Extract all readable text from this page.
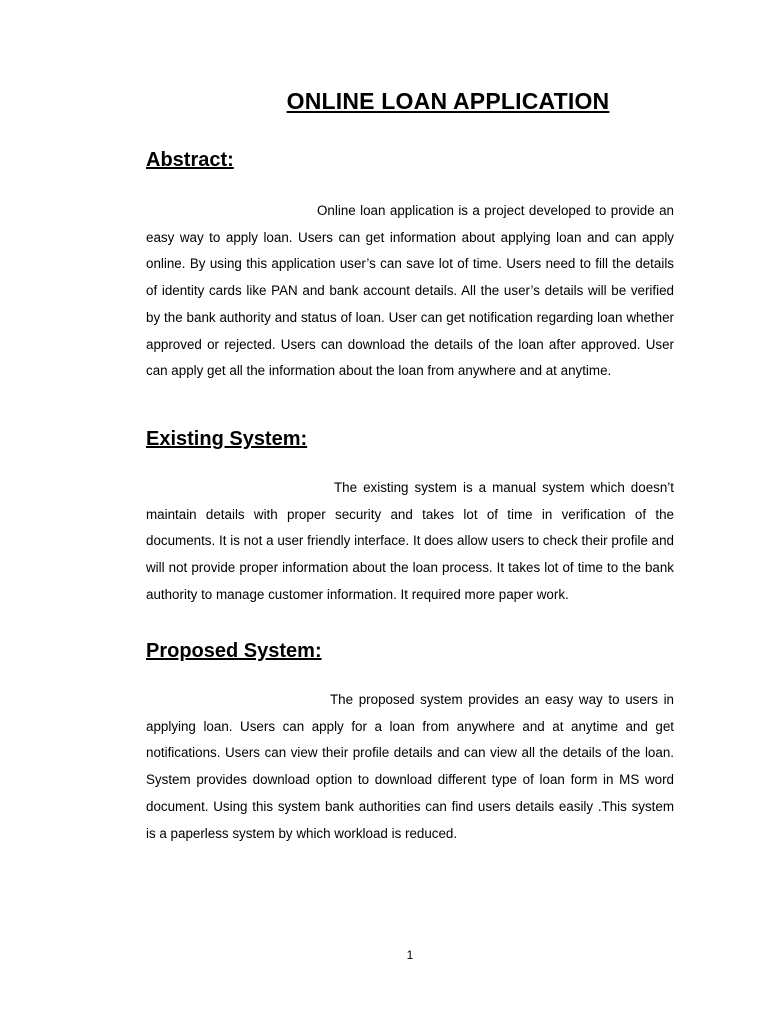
ONLINE LOAN APPLICATION
Abstract:

Online loan application is a project developed to provide an easy way to apply loan. Users can get information about applying loan and can apply online. By using this application user’s can save lot of time. Users need to fill the details of identity cards like PAN and bank account details. All the user’s details will be verified by the bank authority and status of loan. User can get notification regarding loan whether approved or rejected. Users can download the details of the loan after approved. User can apply get all the information about the loan from anywhere and at anytime.

Existing System:

The existing system is a manual system which doesn’t maintain details with proper security and takes lot of time in verification of the documents. It is not a user friendly interface. It does allow users to check their profile and will not provide proper information about the loan process. It takes lot of time to the bank authority to manage customer information. It required more paper work.

Proposed System:

The proposed system provides an easy way to users in applying loan. Users can apply for a loan from anywhere and at anytime and get notifications. Users can view their profile details and can view all the details of the loan. System provides download option to download different type of loan form in MS word document. Using this system bank authorities can find users details easily .This system is a paperless system by which workload is reduced.

1
